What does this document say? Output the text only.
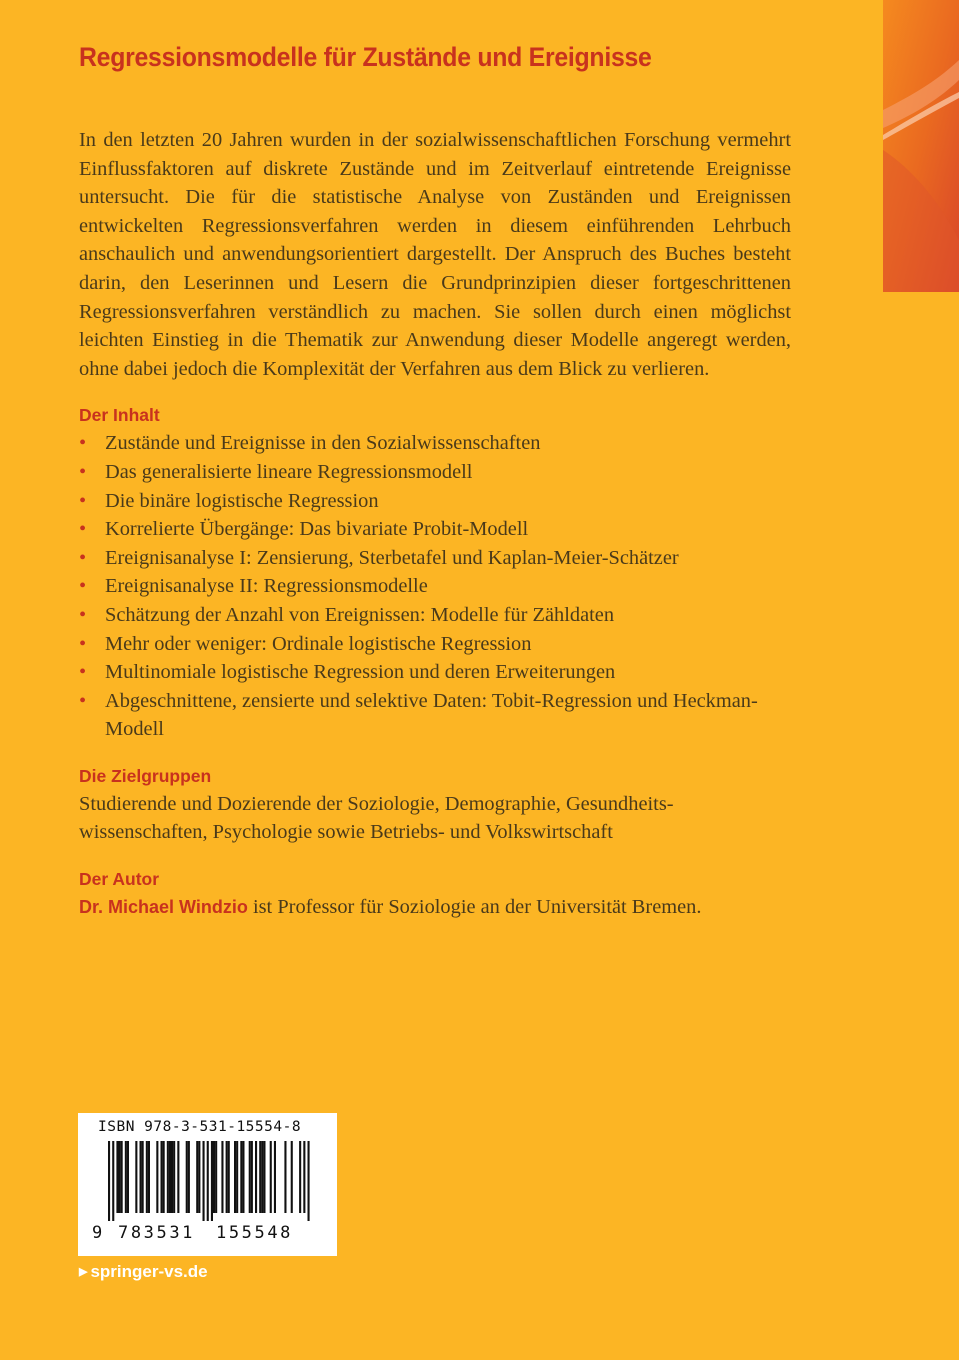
Regressionsmodelle für Zustände und Ereignisse

In den letzten 20 Jahren wurden in der sozialwissenschaftlichen Forschung vermehrt Einflussfaktoren auf diskrete Zustände und im Zeitverlauf eintretende Ereignisse untersucht. Die für die statistische Analyse von Zuständen und Ereignissen entwickelten Regressionsverfahren werden in diesem einführenden Lehrbuch anschaulich und anwendungsorientiert dargestellt. Der Anspruch des Buches besteht darin, den Leserinnen und Lesern die Grundprinzipien dieser fortgeschrittenen Regressionsverfahren verständlich zu machen. Sie sollen durch einen möglichst leichten Einstieg in die Thematik zur Anwendung dieser Modelle angeregt werden, ohne dabei jedoch die Komplexität der Verfahren aus dem Blick zu verlieren.

Der Inhalt
• Zustände und Ereignisse in den Sozialwissenschaften
• Das generalisierte lineare Regressionsmodell
• Die binäre logistische Regression
• Korrelierte Übergänge: Das bivariate Probit-Modell
• Ereignisanalyse I: Zensierung, Sterbetafel und Kaplan-Meier-Schätzer
• Ereignisanalyse II: Regressionsmodelle
• Schätzung der Anzahl von Ereignissen: Modelle für Zähldaten
• Mehr oder weniger: Ordinale logistische Regression
• Multinomiale logistische Regression und deren Erweiterungen
• Abgeschnittene, zensierte und selektive Daten: Tobit-Regression und Heckman-Modell
Die Zielgruppen

Studierende und Dozierende der Soziologie, Demographie, Gesundheitswissenschaften, Psychologie sowie Betriebs- und Volkswirtschaft

Der Autor

Dr. Michael Windzio ist Professor für Soziologie an der Universität Bremen.

ISBN 978-3-531-15554-8
9 783531 155548
▶ springer-vs.de
